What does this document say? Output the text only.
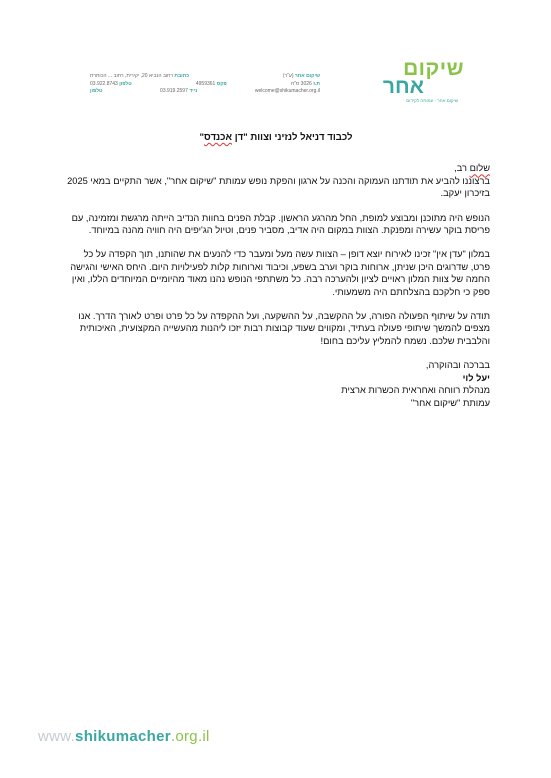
שיקום
אחר
שיקום אחר · עמותה לקידום
שיקום אחר (ע"ר)
כתובת רחוב הנביא 20, יקירית, רחוב ... הכותרת
ת.ז 3026 ס"ח
פקס 4959361
טלפון 03.922.8743
welcome@shikumacher.org.il
נייד 03.919.2597
טלפון

לכבוד דניאל לנזיני וצוות "דן אכנדס"

שלום רב,

ברצוננו להביע את תודתנו העמוקה והכנה על ארגון והפקת נופש עמותת "שיקום אחר", אשר התקיים במאי 2025 בזיכרון יעקב.

הנופש היה מתוכנן ומבוצע למופת, החל מהרגע הראשון. קבלת הפנים בחוות הנדיב הייתה מרגשת ומזמינה, עם פריסת בוקר עשירה ומפנקת. הצוות במקום היה אדיב, מסביר פנים, וטיול הג'יפים היה חוויה מהנה במיוחד.

במלון "עדן אין" זכינו לאירוח יוצא דופן – הצוות עשה מעל ומעבר כדי להנעים את שהותנו, תוך הקפדה על כל פרט, שדרוגים היכן שניתן, ארוחות בוקר וערב בשפע, וכיבוד וארוחות קלות לפעילויות היום. היחס האישי והגישה החמה של צוות המלון ראויים לציון ולהערכה רבה. כל משתתפי הנופש נהנו מאוד מהיומיים המיוחדים הללו, ואין ספק כי חלקכם בהצלחתם היה משמעותי.

תודה על שיתוף הפעולה הפורה, על ההקשבה, על ההשקעה, ועל ההקפדה על כל פרט ופרט לאורך הדרך. אנו מצפים להמשך שיתופי פעולה בעתיד, ומקווים שעוד קבוצות רבות יזכו ליהנות מהעשייה המקצועית, האיכותית והלבבית שלכם. נשמח להמליץ עליכם בחום!

בברכה ובהוקרה,

יעל לוי

מנהלת רווחה ואחראית הכשרות ארצית

עמותת "שיקום אחר"

www.shikumacher.org.il
